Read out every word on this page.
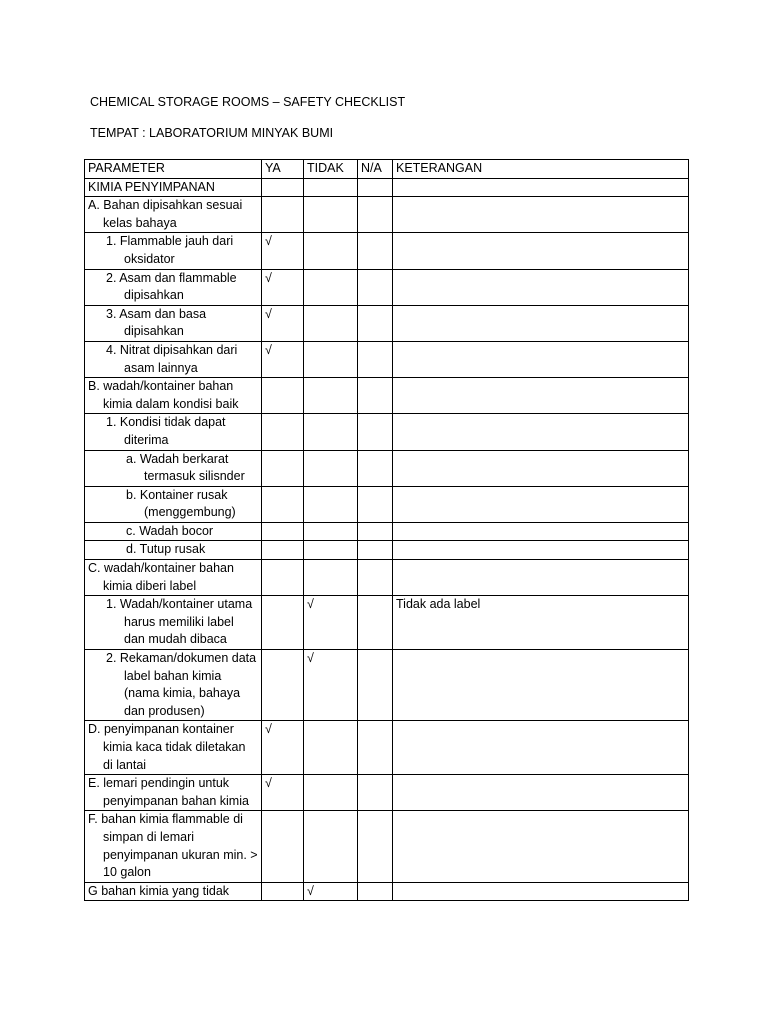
CHEMICAL STORAGE ROOMS – SAFETY CHECKLIST
TEMPAT : LABORATORIUM MINYAK BUMI
PARAMETER	YA	TIDAK	N/A	KETERANGAN

KIMIA PENYIMPANAN				

A. Bahan dipisahkan sesuai kelas bahaya				

1. Flammable jauh dari oksidator	√			

2. Asam dan flammable dipisahkan	√			

3. Asam dan basa dipisahkan	√			

4. Nitrat dipisahkan dari asam lainnya	√			

B. wadah/kontainer bahan kimia dalam kondisi baik				

1. Kondisi tidak dapat diterima				

a. Wadah berkarat termasuk silisnder				

b. Kontainer rusak (menggembung)				

c. Wadah bocor				

d. Tutup rusak				

C. wadah/kontainer bahan kimia diberi label				

1. Wadah/kontainer utama harus memiliki label dan mudah dibaca		√		Tidak ada label

2. Rekaman/dokumen data label bahan kimia (nama kimia, bahaya dan produsen)		√		

D. penyimpanan kontainer kimia kaca tidak diletakan di lantai	√			

E. lemari pendingin untuk penyimpanan bahan kimia	√			

F. bahan kimia flammable di simpan di lemari penyimpanan ukuran min. > 10 galon				

G bahan kimia yang tidak		√		
